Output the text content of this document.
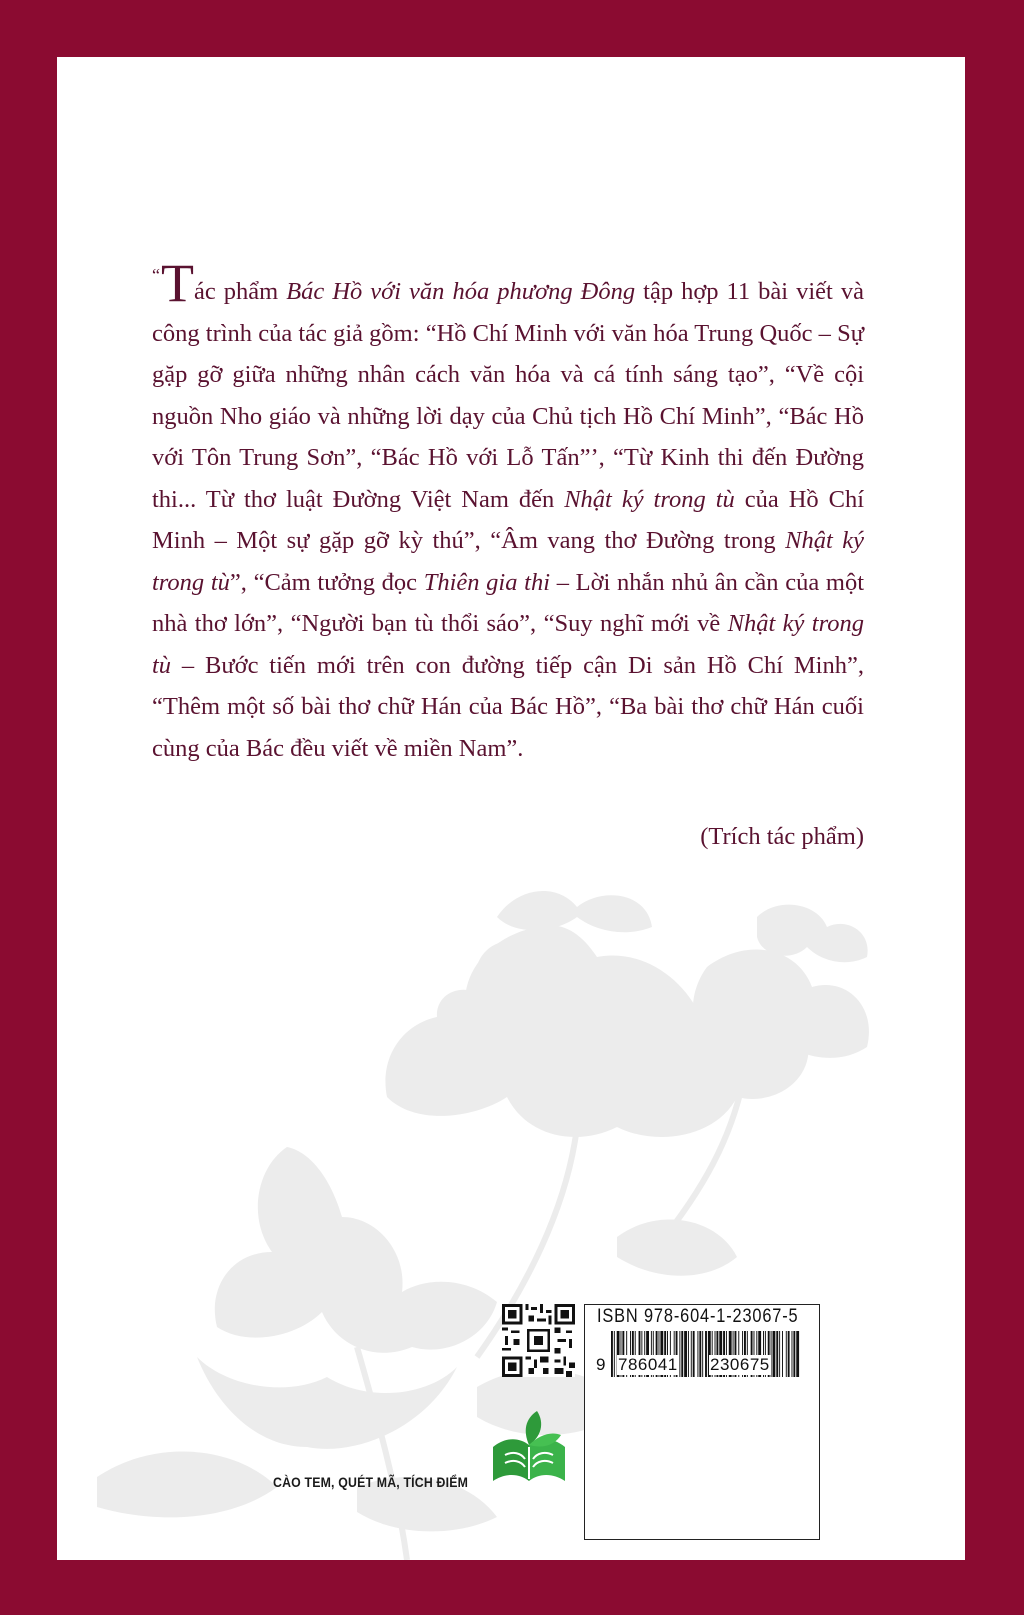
“Tác phẩm Bác Hồ với văn hóa phương Đông tập hợp 11 bài viết và công trình của tác giả gồm: “Hồ Chí Minh với văn hóa Trung Quốc – Sự gặp gỡ giữa những nhân cách văn hóa và cá tính sáng tạo”, “Về cội nguồn Nho giáo và những lời dạy của Chủ tịch Hồ Chí Minh”, “Bác Hồ với Tôn Trung Sơn”, “Bác Hồ với Lỗ Tấn”’, “Từ Kinh thi đến Đường thi... Từ thơ luật Đường Việt Nam đến Nhật ký trong tù của Hồ Chí Minh – Một sự gặp gỡ kỳ thú”, “Âm vang thơ Đường trong Nhật ký trong tù”, “Cảm tưởng đọc Thiên gia thi – Lời nhắn nhủ ân cần của một nhà thơ lớn”, “Người bạn tù thổi sáo”, “Suy nghĩ mới về Nhật ký trong tù – Bước tiến mới trên con đường tiếp cận Di sản Hồ Chí Minh”, “Thêm một số bài thơ chữ Hán của Bác Hồ”, “Ba bài thơ chữ Hán cuối cùng của Bác đều viết về miền Nam”.
(Trích tác phẩm)
CÀO TEM, QUÉT MÃ, TÍCH ĐIỂM
ISBN 978-604-1-23067-5
9 786041 230675
